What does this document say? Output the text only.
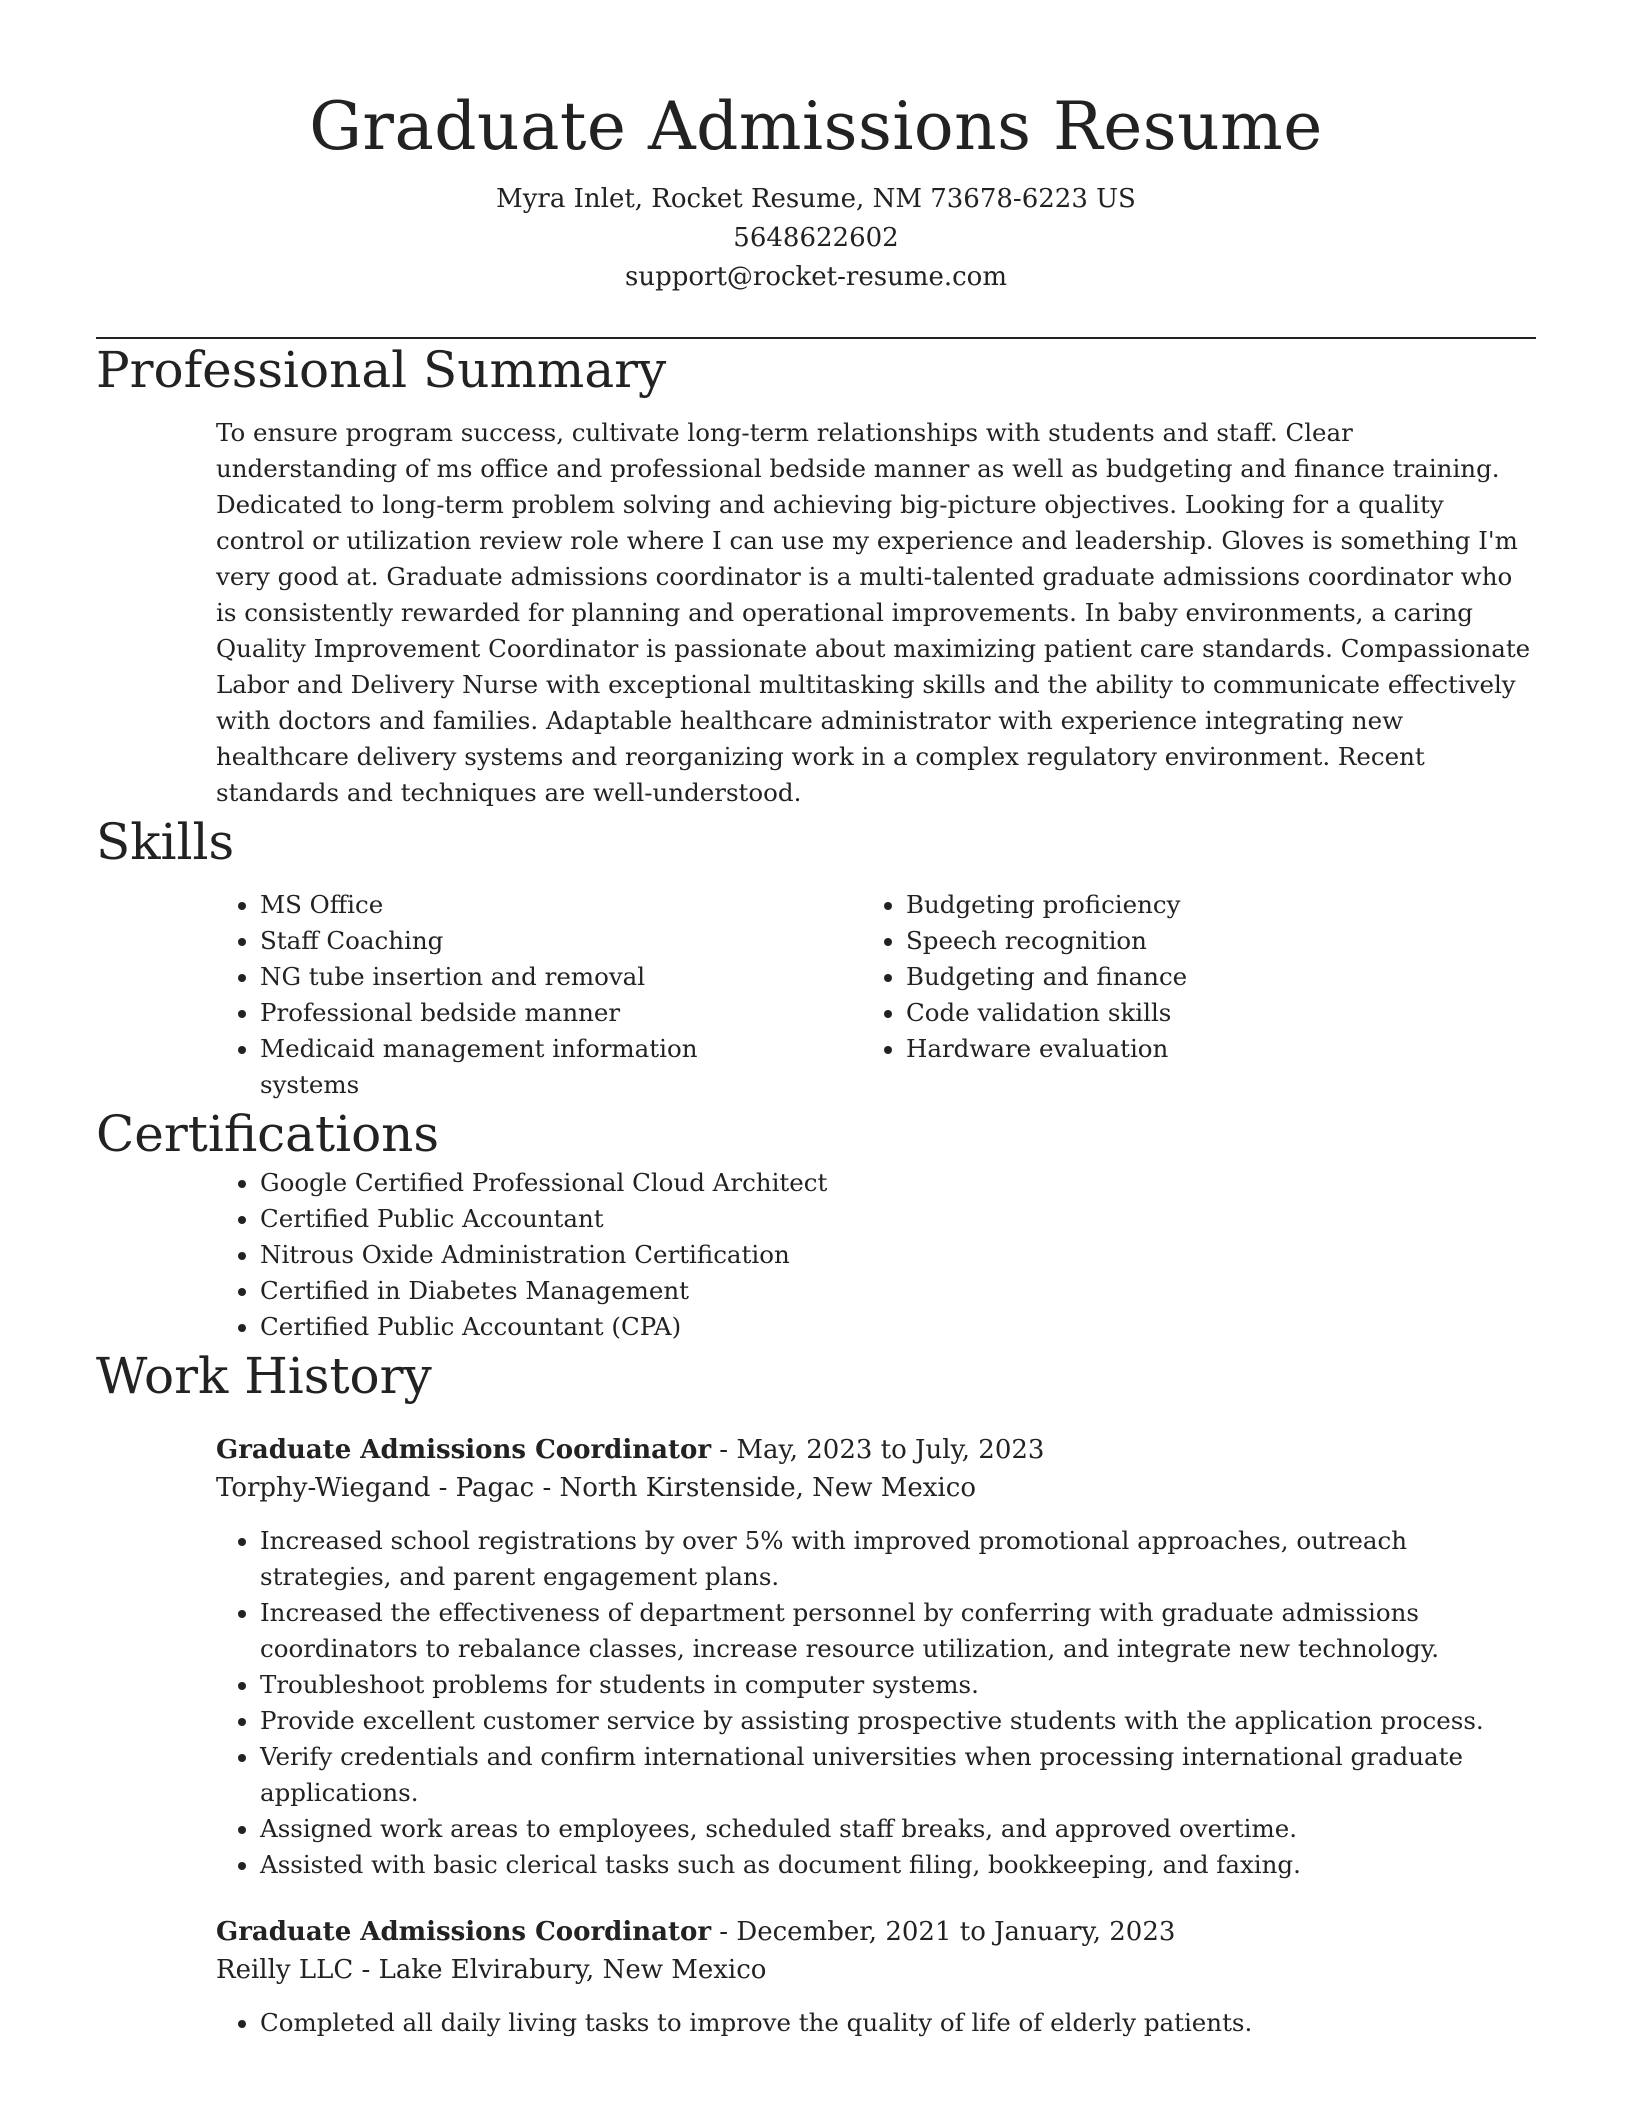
Graduate Admissions Resume
Myra Inlet, Rocket Resume, NM 73678-6223 US
5648622602
support@rocket-resume.com
Professional Summary

To ensure program success, cultivate long-term relationships with students and staff. Clear understanding of ms office and professional bedside manner as well as budgeting and finance training. Dedicated to long-term problem solving and achieving big-picture objectives. Looking for a quality control or utilization review role where I can use my experience and leadership. Gloves is something I'm very good at. Graduate admissions coordinator is a multi-talented graduate admissions coordinator who is consistently rewarded for planning and operational improvements. In baby environments, a caring Quality Improvement Coordinator is passionate about maximizing patient care standards. Compassionate Labor and Delivery Nurse with exceptional multitasking skills and the ability to communicate effectively with doctors and families. Adaptable healthcare administrator with experience integrating new healthcare delivery systems and reorganizing work in a complex regulatory environment. Recent standards and techniques are well-understood.

Skills
• MS Office
• Staff Coaching
• NG tube insertion and removal
• Professional bedside manner
• Medicaid management information systems
• Budgeting proficiency
• Speech recognition
• Budgeting and finance
• Code validation skills
• Hardware evaluation
Certifications
• Google Certified Professional Cloud Architect
• Certified Public Accountant
• Nitrous Oxide Administration Certification
• Certified in Diabetes Management
• Certified Public Accountant (CPA)
Work History
Graduate Admissions Coordinator - May, 2023 to July, 2023
Torphy-Wiegand - Pagac - North Kirstenside, New Mexico
• Increased school registrations by over 5% with improved promotional approaches, outreach strategies, and parent engagement plans.
• Increased the effectiveness of department personnel by conferring with graduate admissions coordinators to rebalance classes, increase resource utilization, and integrate new technology.
• Troubleshoot problems for students in computer systems.
• Provide excellent customer service by assisting prospective students with the application process.
• Verify credentials and confirm international universities when processing international graduate applications.
• Assigned work areas to employees, scheduled staff breaks, and approved overtime.
• Assisted with basic clerical tasks such as document filing, bookkeeping, and faxing.
Graduate Admissions Coordinator - December, 2021 to January, 2023
Reilly LLC - Lake Elvirabury, New Mexico
• Completed all daily living tasks to improve the quality of life of elderly patients.
